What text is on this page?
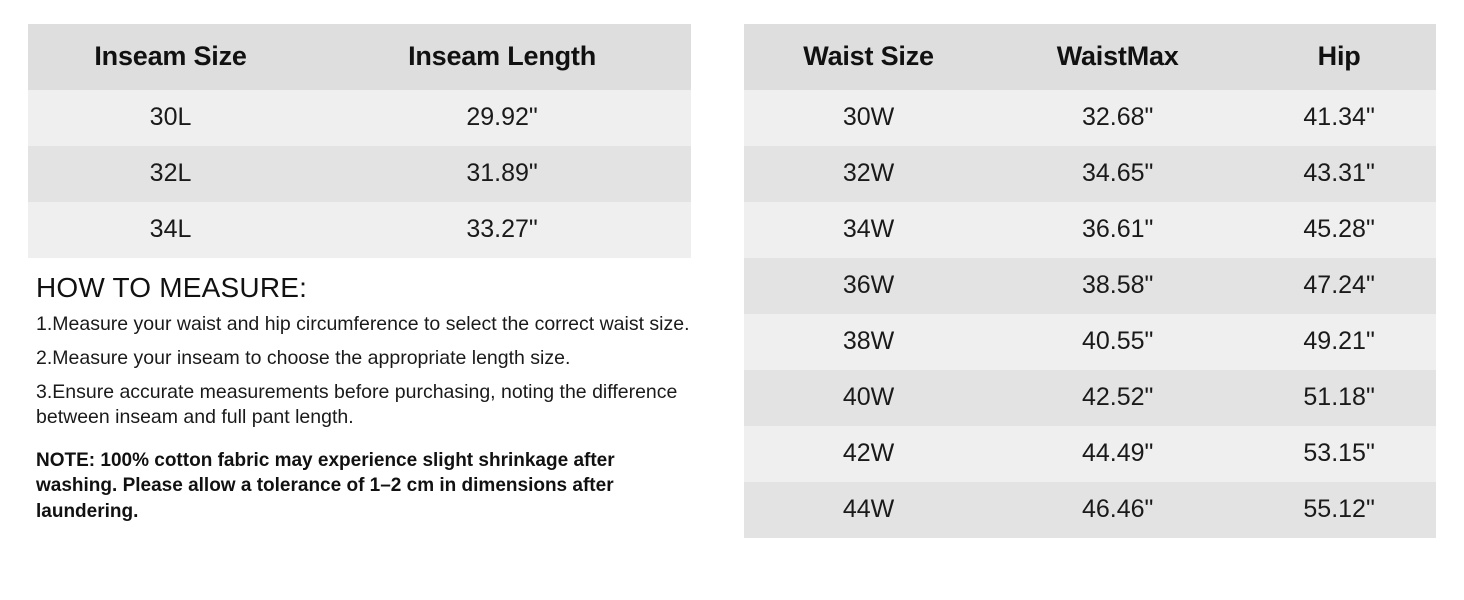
Inseam Size	Inseam Length
30L	29.92"
32L	31.89"
34L	33.27"
HOW TO MEASURE:
1.Measure your waist and hip circumference to select the correct waist size.
2.Measure your inseam to choose the appropriate length size.
3.Ensure accurate measurements before purchasing, noting the difference between inseam and full pant length.
NOTE: 100% cotton fabric may experience slight shrinkage after washing. Please allow a tolerance of 1–2 cm in dimensions after laundering.
Waist Size	WaistMax	Hip
30W	32.68"	41.34"
32W	34.65"	43.31"
34W	36.61"	45.28"
36W	38.58"	47.24"
38W	40.55"	49.21"
40W	42.52"	51.18"
42W	44.49"	53.15"
44W	46.46"	55.12"
